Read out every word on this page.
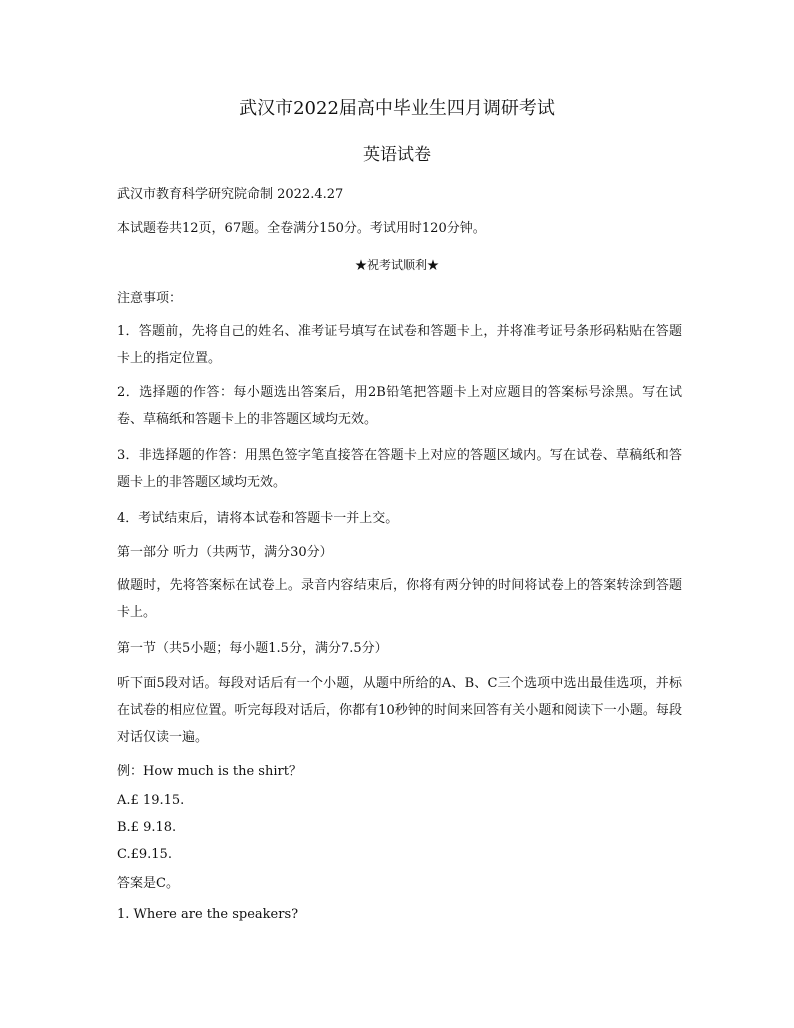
武汉市2022届高中毕业生四月调研考试
英语试卷
武汉市教育科学研究院命制 2022.4.27
本试题卷共12页，67题。全卷满分150分。考试用时120分钟。
★祝考试顺利★
注意事项：
1．答题前，先将自己的姓名、准考证号填写在试卷和答题卡上，并将准考证号条形码粘贴在答题卡上的指定位置。
2．选择题的作答：每小题选出答案后，用2B铅笔把答题卡上对应题目的答案标号涂黑。写在试卷、草稿纸和答题卡上的非答题区域均无效。
3．非选择题的作答：用黑色签字笔直接答在答题卡上对应的答题区域内。写在试卷、草稿纸和答题卡上的非答题区域均无效。
4．考试结束后，请将本试卷和答题卡一并上交。
第一部分 听力（共两节，满分30分）
做题时，先将答案标在试卷上。录音内容结束后，你将有两分钟的时间将试卷上的答案转涂到答题卡上。
第一节（共5小题；每小题1.5分，满分7.5分）
听下面5段对话。每段对话后有一个小题，从题中所给的A、B、C三个选项中选出最佳选项，并标在试卷的相应位置。听完每段对话后，你都有10秒钟的时间来回答有关小题和阅读下一小题。每段对话仅读一遍。
例：How much is the shirt？
A.£ 19.15.
B.£ 9.18.
C.£9.15.
答案是C。
1. Where are the speakers?
